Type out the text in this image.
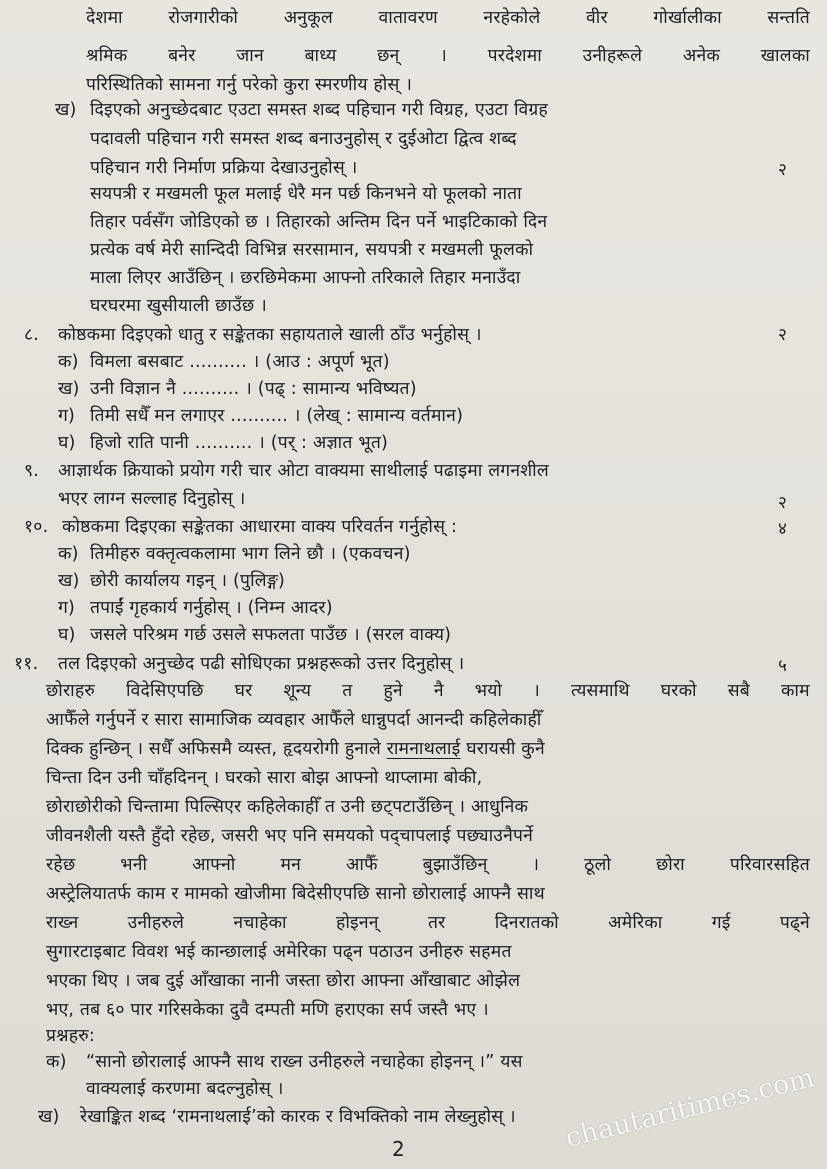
देशमा	रोजगारीको	अनुकूल	वातावरण	नरहेकोले	वीर	गोर्खालीका	सन्तति
श्रमिक बनेर जान बाध्य छन् । परदेशमा उनीहरूले अनेक खालका
परिस्थितिको सामना गर्नु परेको कुरा स्मरणीय होस् ।
ख) दिइएको अनुच्छेदबाट एउटा समस्त शब्द पहिचान गरी विग्रह, एउटा विग्रह
पदावली पहिचान गरी समस्त शब्द बनाउनुहोस् र दुईओटा द्वित्व शब्द
पहिचान गरी निर्माण प्रक्रिया देखाउनुहोस् ।	२
सयपत्री र मखमली फूल मलाई धेरै मन पर्छ किनभने यो फूलको नाता
तिहार पर्वसँग जोडिएको छ । तिहारको अन्तिम दिन पर्ने भाइटिकाको दिन
प्रत्येक वर्ष मेरी सान्दिदी विभिन्न सरसामान, सयपत्री र मखमली फूलको
माला लिएर आउँछिन् । छरछिमेकमा आफ्नो तरिकाले तिहार मनाउँदा
घरघरमा खुसीयाली छाउँछ ।
८. कोष्ठकमा दिइएको धातु र सङ्केतका सहायताले खाली ठाँउ भर्नुहोस् ।	२
क) विमला बसबाट .......... । (आउ : अपूर्ण भूत)
ख) उनी विज्ञान नै .......... । (पढ् : सामान्य भविष्यत)
ग) तिमी सधैँ मन लगाएर .......... । (लेख् : सामान्य वर्तमान)
घ) हिजो राति पानी .......... । (पर् : अज्ञात भूत)
९. आज्ञार्थक क्रियाको प्रयोग गरी चार ओटा वाक्यमा साथीलाई पढाइमा लगनशील
भएर लाग्न सल्लाह दिनुहोस् ।	२
१०. कोष्ठकमा दिइएका सङ्केतका आधारमा वाक्य परिवर्तन गर्नुहोस् :	४
क) तिमीहरु वक्तृत्वकलामा भाग लिने छौ । (एकवचन)
ख) छोरी कार्यालय गइन् । (पुलिङ्ग)
ग) तपाईं गृहकार्य गर्नुहोस् । (निम्न आदर)
घ) जसले परिश्रम गर्छ उसले सफलता पाउँछ । (सरल वाक्य)
११. तल दिइएको अनुच्छेद पढी सोधिएका प्रश्नहरूको उत्तर दिनुहोस् ।	५
छोराहरु विदेसिएपछि घर शून्य त हुने नै भयो । त्यसमाथि घरको सबै काम
आफैँले गर्नुपर्ने र सारा सामाजिक व्यवहार आफैँले धान्नुपर्दा आनन्दी कहिलेकाहीँ
दिक्क हुन्छिन् । सधैँ अफिसमै व्यस्त, हृदयरोगी हुनाले रामनाथलाई घरायसी कुनै
चिन्ता दिन उनी चाँहदिनन् । घरको सारा बोझ आफ्नो थाप्लामा बोकी,
छोराछोरीको चिन्तामा पिल्सिएर कहिलेकाहीँ त उनी छट्पटाउँछिन् । आधुनिक
जीवनशैली यस्तै हुँदो रहेछ, जसरी भए पनि समयको पद्चापलाई पछ्याउनैपर्ने
रहेछ	भनी	आफ्नो	मन	आफैँ	बुझाउँछिन्	।	ठूलो	छोरा	परिवारसहित
अस्ट्रेलियातर्फ काम र मामको खोजीमा बिदेसीएपछि सानो छोरालाई आफ्नै साथ
राख्न	उनीहरुले	नचाहेका	होइनन्	तर	दिनरातको	अमेरिका	गई	पढ्ने
सुगारटाइबाट विवश भई कान्छालाई अमेरिका पढ्न पठाउन उनीहरु सहमत
भएका थिए । जब दुई आँखाका नानी जस्ता छोरा आफ्ना आँखाबाट ओझेल
भए, तब ६० पार गरिसकेका दुवै दम्पती मणि हराएका सर्प जस्तै भए ।
प्रश्नहरु:
क) “सानो छोरालाई आफ्नै साथ राख्न उनीहरुले नचाहेका होइनन् ।” यस
वाक्यलाई करणमा बदल्नुहोस् ।
ख) रेखाङ्कित शब्द ‘रामनाथलाई’को कारक र विभक्तिको नाम लेख्नुहोस् ।
2	chautaritimes.com
